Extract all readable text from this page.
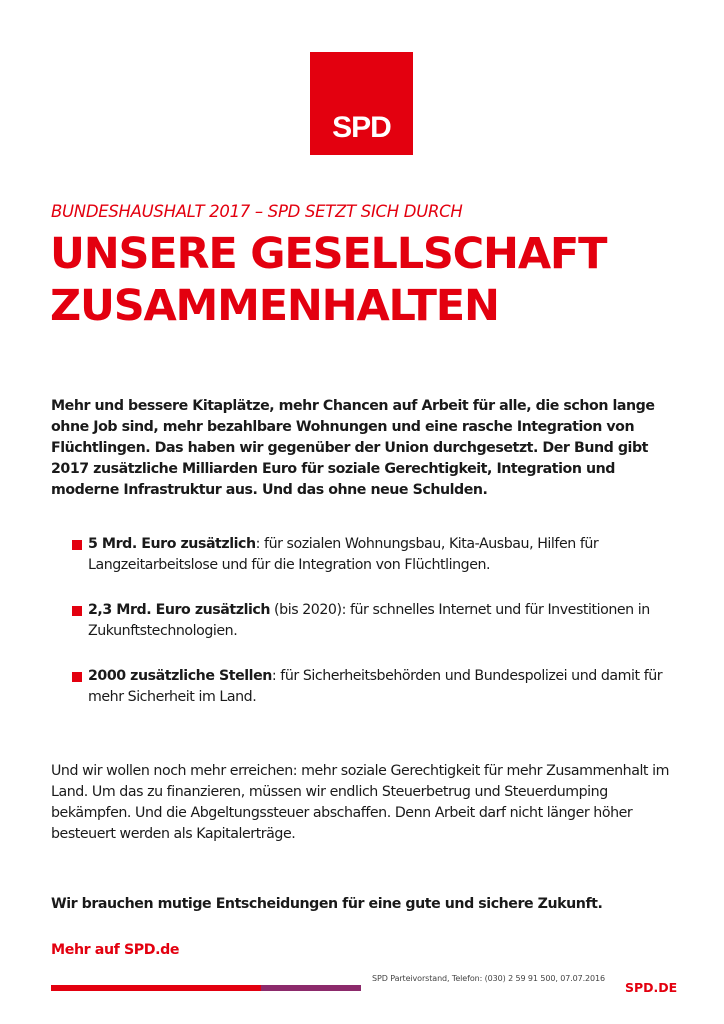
SPD
BUNDESHAUSHALT 2017 – SPD SETZT SICH DURCH
UNSERE GESELLSCHAFT
ZUSAMMENHALTEN
Mehr und bessere Kitaplätze, mehr Chancen auf Arbeit für alle, die schon lange ohne Job sind, mehr bezahlbare Wohnungen und eine rasche Integration von Flüchtlingen. Das haben wir gegenüber der Union durchgesetzt. Der Bund gibt 2017 zusätzliche Milliarden Euro für soziale Gerechtigkeit, Integration und moderne Infrastruktur aus. Und das ohne neue Schulden.
5 Mrd. Euro zusätzlich: für sozialen Wohnungsbau, Kita-Ausbau, Hilfen für Langzeitarbeitslose und für die Integration von Flüchtlingen.
2,3 Mrd. Euro zusätzlich (bis 2020): für schnelles Internet und für Investitionen in Zukunftstechnologien.
2000 zusätzliche Stellen: für Sicherheitsbehörden und Bundespolizei und damit für mehr Sicherheit im Land.
Und wir wollen noch mehr erreichen: mehr soziale Gerechtigkeit für mehr Zusammenhalt im Land. Um das zu finanzieren, müssen wir endlich Steuerbetrug und Steuerdumping bekämpfen. Und die Abgeltungssteuer abschaffen. Denn Arbeit darf nicht länger höher besteuert werden als Kapitalerträge.
Wir brauchen mutige Entscheidungen für eine gute und sichere Zukunft.
Mehr auf SPD.de
SPD Parteivorstand, Telefon: (030) 2 59 91 500, 07.07.2016
SPD.DE
